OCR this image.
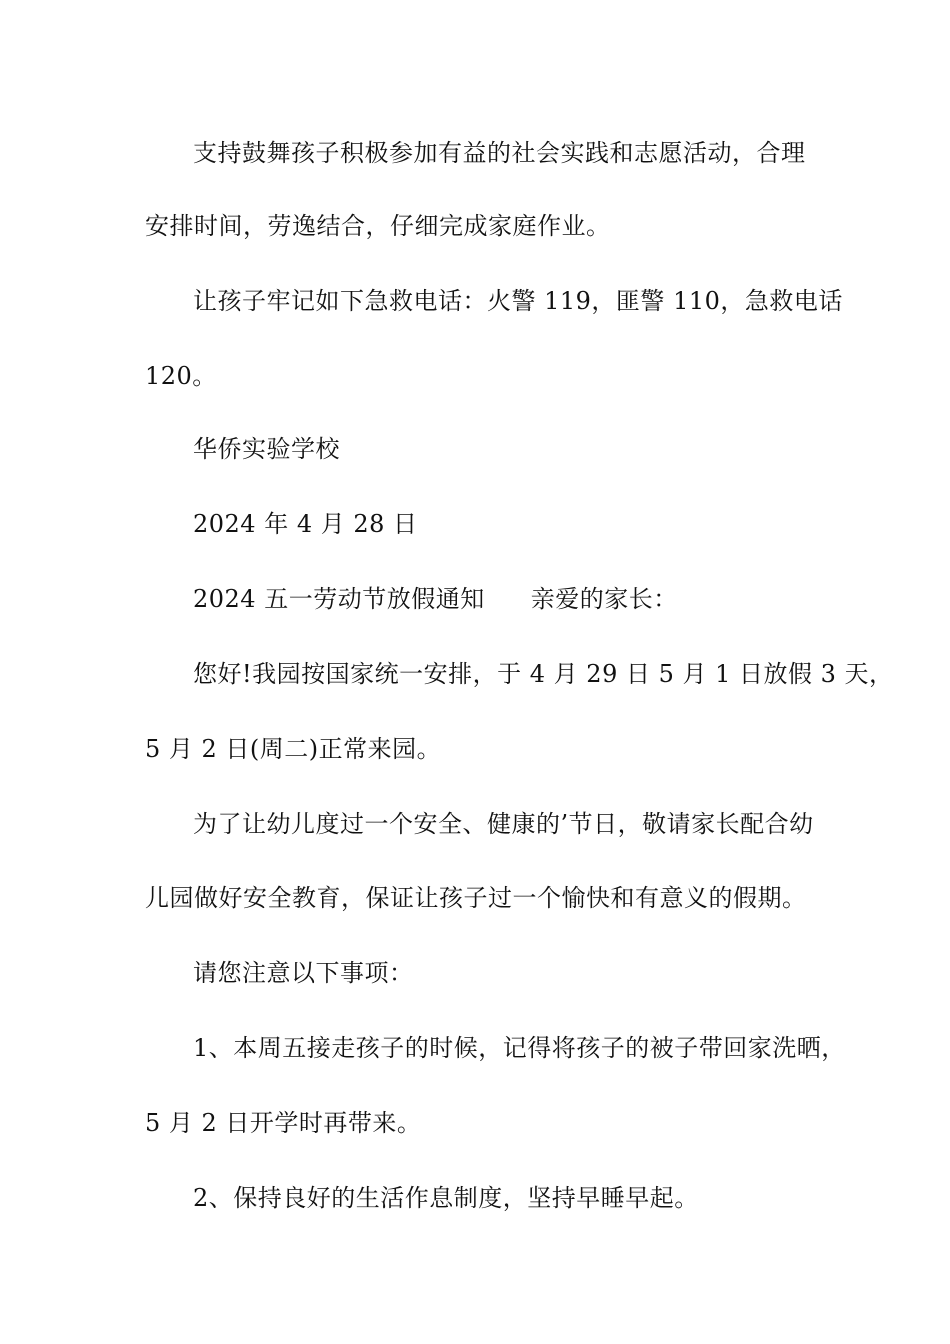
支持鼓舞孩子积极参加有益的社会实践和志愿活动，合理
安排时间，劳逸结合，仔细完成家庭作业。
让孩子牢记如下急救电话：火警 119，匪警 110，急救电话
120。
华侨实验学校
2024 年 4 月 28 日
2024 五一劳动节放假通知 亲爱的家长：
您好!我园按国家统一安排，于 4 月 29 日 5 月 1 日放假 3 天，
5 月 2 日(周二)正常来园。
为了让幼儿度过一个安全、健康的’节日，敬请家长配合幼
儿园做好安全教育，保证让孩子过一个愉快和有意义的假期。
请您注意以下事项：
1、本周五接走孩子的时候，记得将孩子的被子带回家洗晒，
5 月 2 日开学时再带来。
2、保持良好的生活作息制度，坚持早睡早起。
